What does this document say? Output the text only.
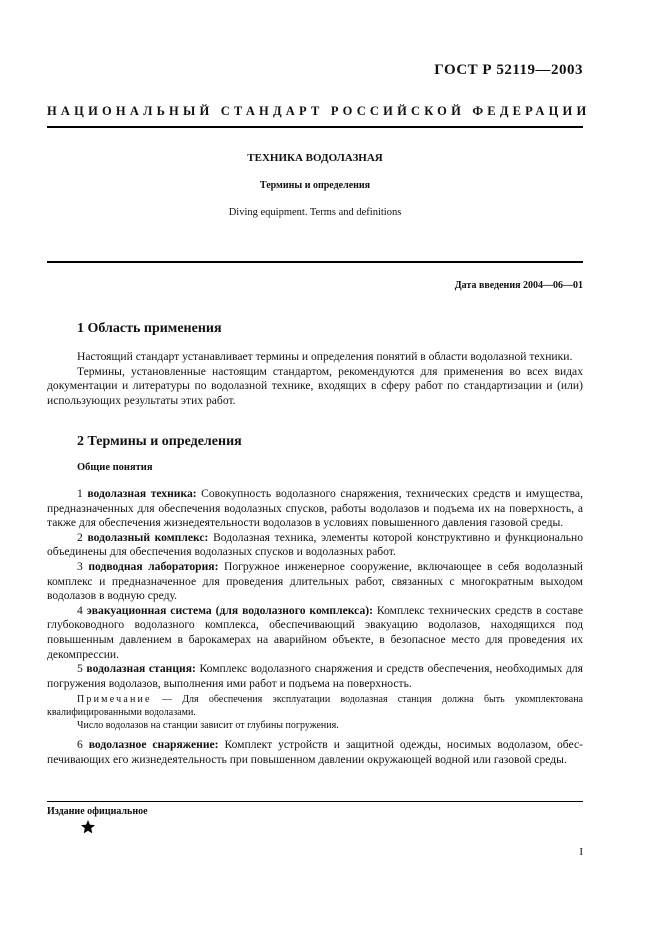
ГОСТ Р 52119—2003
НАЦИОНАЛЬНЫЙ СТАНДАРТ РОССИЙСКОЙ ФЕДЕРАЦИИ
ТЕХНИКА ВОДОЛАЗНАЯ
Термины и определения
Diving equipment. Terms and definitions
Дата введения 2004—06—01
1 Область применения

Настоящий стандарт устанавливает термины и определения понятий в области водолазной техники.

Термины, установленные настоящим стандартом, рекомендуются для применения во всех видах документации и литературы по водолазной технике, входящих в сферу работ по стандартизации и (или) использующих результаты этих работ.

2 Термины и определения
Общие понятия

1 водолазная техника: Совокупность водолазного снаряжения, технических средств и имущества, предназначенных для обеспечения водолазных спусков, работы водолазов и подъема их на поверхность, а также для обеспечения жизнедеятельности водолазов в условиях повышенного давления газовой среды.

2 водолазный комплекс: Водолазная техника, элементы которой конструктивно и функционально объединены для обеспечения водолазных спусков и водолазных работ.

3 подводная лаборатория: Погружное инженерное сооружение, включающее в себя водолазный комплекс и предназначенное для проведения длительных работ, связанных с многократным выходом водолазов в водную среду.

4 эвакуационная система (для водолазного комплекса): Комплекс технических средств в составе глубоководного водолазного комплекса, обеспечивающий эвакуацию водолазов, находящихся под повышенным давлением в барокамерах на аварийном объекте, в безопасное место для проведения их декомпрессии.

5 водолазная станция: Комплекс водолазного снаряжения и средств обеспечения, необходимых для погружения водолазов, выполнения ими работ и подъема на поверхность.

Примечание — Для обеспечения эксплуатации водолазная станция должна быть укомплектована квалифицированными водолазами.

Число водолазов на станции зависит от глубины погружения.

6 водолазное снаряжение: Комплект устройств и защитной одежды, носимых водолазом, обеспечивающих его жизнедеятельность при повышенном давлении окружающей водной или газовой среды.

Издание официальное
I
